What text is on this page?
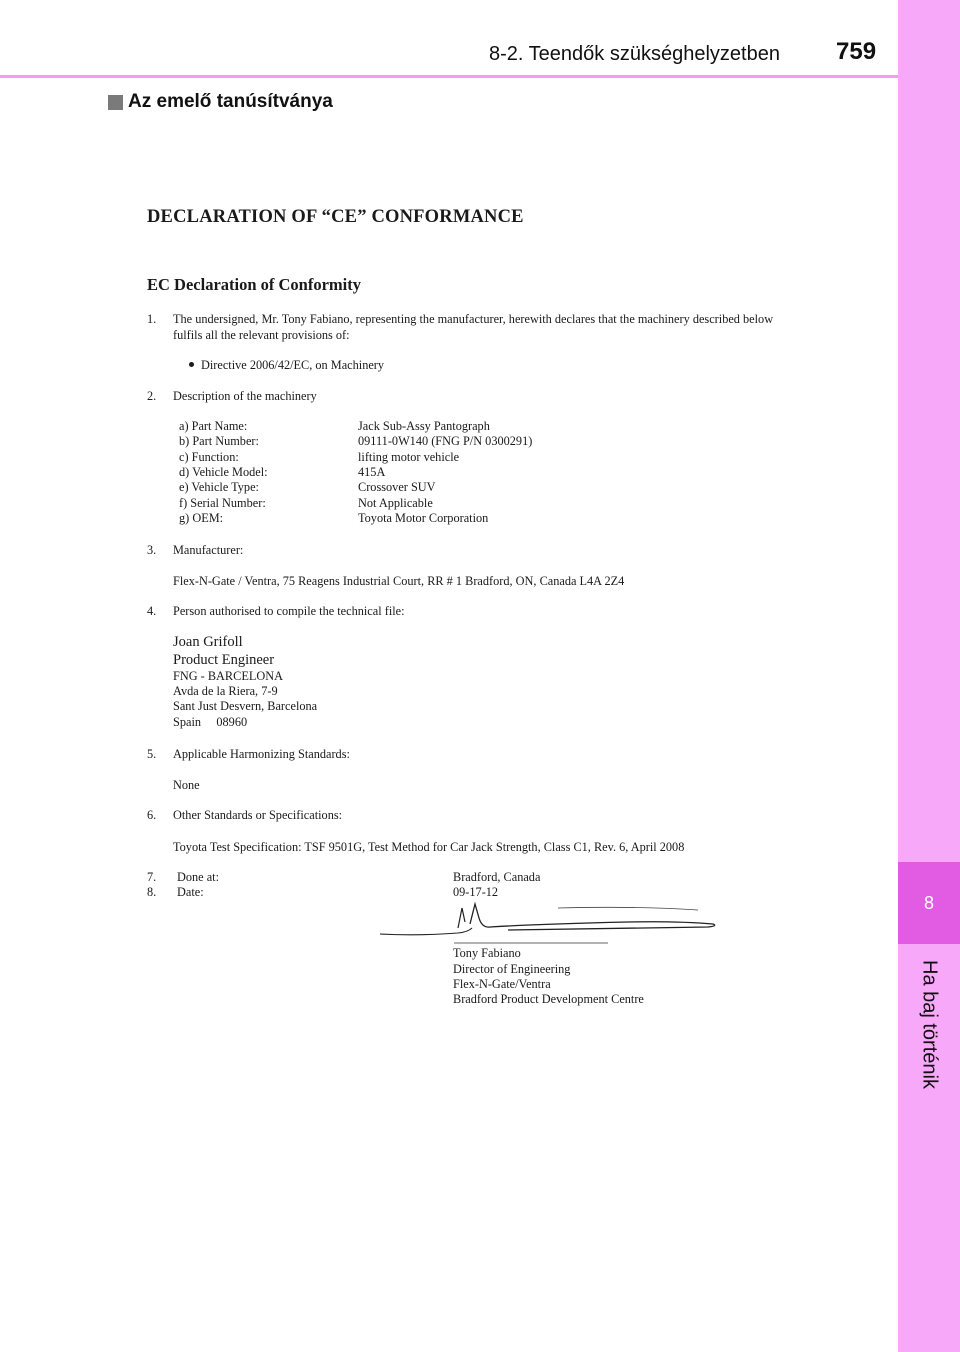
8-2. Teendők szükséghelyzetben 759
8
Ha baj történik
Az emelő tanúsítványa
DECLARATION OF “CE” CONFORMANCE
EC Declaration of Conformity
1. The undersigned, Mr. Tony Fabiano, representing the manufacturer, herewith declares that the machinery described below
fulfils all the relevant provisions of:
Directive 2006/42/EC, on Machinery
2. Description of the machinery
a) Part Name:	Jack Sub-Assy Pantograph
b) Part Number:	09111-0W140 (FNG P/N 0300291)
c) Function:	lifting motor vehicle
d) Vehicle Model:	415A
e) Vehicle Type:	Crossover SUV
f) Serial Number:	Not Applicable
g) OEM:	Toyota Motor Corporation
3. Manufacturer:
Flex-N-Gate / Ventra, 75 Reagens Industrial Court, RR # 1 Bradford, ON, Canada L4A 2Z4
4. Person authorised to compile the technical file:
Joan Grifoll
Product Engineer
FNG - BARCELONA
Avda de la Riera, 7-9
Sant Just Desvern, Barcelona
Spain     08960
5. Applicable Harmonizing Standards:
None
6. Other Standards or Specifications:
Toyota Test Specification: TSF 9501G, Test Method for Car Jack Strength, Class C1, Rev. 6, April 2008
7. Done at:	Bradford, Canada
8. Date:	09-17-12
Tony Fabiano
Director of Engineering
Flex-N-Gate/Ventra
Bradford Product Development Centre
